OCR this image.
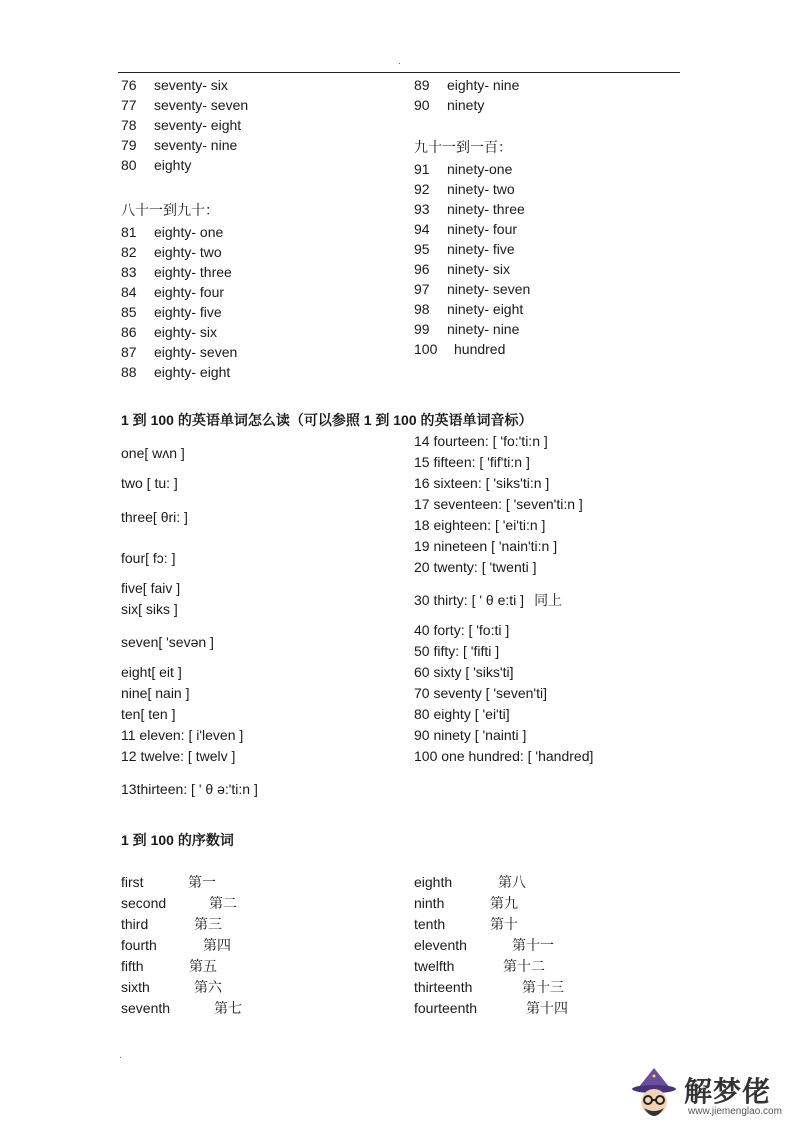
.
76 seventy- six
77 seventy- seven
78 seventy- eight
79 seventy- nine
80 eighty
八十一到九十：
81 eighty- one
82 eighty- two
83 eighty- three
84 eighty- four
85 eighty- five
86 eighty- six
87 eighty- seven
88 eighty- eight
89 eighty- nine
90 ninety
九十一到一百：
91 ninety-one
92 ninety- two
93 ninety- three
94 ninety- four
95 ninety- five
96 ninety- six
97 ninety- seven
98 ninety- eight
99 ninety- nine
100 hundred
1 到 100 的英语单词怎么读（可以参照 1 到 100 的英语单词音标）
one[ wʌn ]
two [ tu: ]
three[ θri: ]
four[ fɔ: ]
five[ faiv ]
six[ siks ]
seven[ 'sevən ]
eight[ eit ]
nine[ nain ]
ten[ ten ]
11 eleven: [ i'leven ]
12 twelve: [ twelv ]
13thirteen: [ ' θ ə:'ti:n ]
14 fourteen: [ 'fo:'ti:n ]
15 fifteen: [ 'fif'ti:n ]
16 sixteen: [ 'siks'ti:n ]
17 seventeen: [ 'seven'ti:n ]
18 eighteen: [ 'ei'ti:n ]
19 nineteen [ 'nain'ti:n ]
20 twenty: [ 'twenti ]
30 thirty: [ ' θ e:ti ] 同上
40 forty: [ 'fo:ti ]
50 fifty: [ 'fifti ]
60 sixty [ 'siks'ti]
70 seventy [ 'seven'ti]
80 eighty [ 'ei'ti]
90 ninety [ 'nainti ]
100 one hundred: [ 'handred]
1 到 100 的序数词
first	第一
second	第二
third	第三
fourth	第四
fifth	第五
sixth	第六
seventh	第七
eighth	第八
ninth	第九
tenth	第十
eleventh	第十一
twelfth	第十二
thirteenth	第十三
fourteenth	第十四
.
解梦佬
www.jiemenglao.com
